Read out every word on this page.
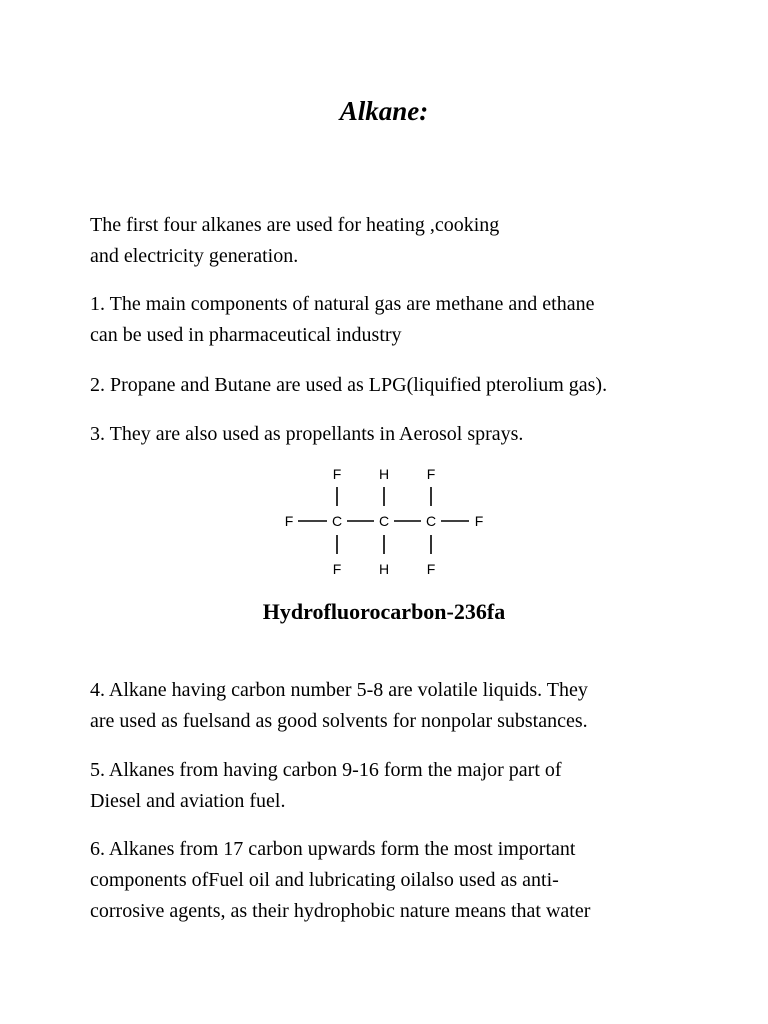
Alkane:

The first four alkanes are used for heating ,cooking
and electricity generation.

1. The main components of natural gas are methane and ethane
can be used in pharmaceutical industry

2. Propane and Butane are used as LPG(liquified pterolium gas).

3. They are also used as propellants in Aerosol sprays.

F	H	F
F	C	C	C	F
F	H	F

Hydrofluorocarbon-236fa

4. Alkane having carbon number 5-8 are volatile liquids. They
are used as fuelsand as good solvents for nonpolar substances.

5. Alkanes from having carbon 9-16 form the major part of
Diesel and aviation fuel.

6. Alkanes from 17 carbon upwards form the most important
components ofFuel oil and lubricating oilalso used as anti-
corrosive agents, as their hydrophobic nature means that water
